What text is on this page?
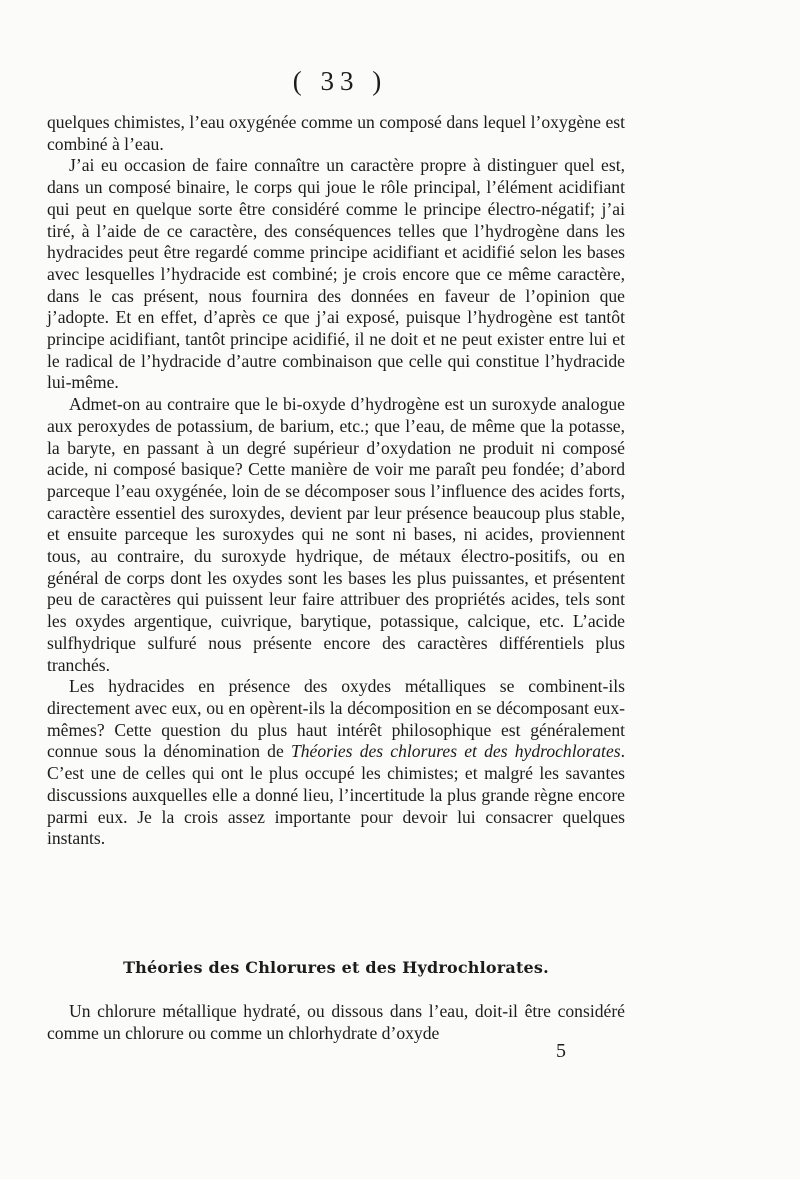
( 33 )

quelques chimistes, l’eau oxygénée comme un composé dans lequel l’oxygène est combiné à l’eau.

J’ai eu occasion de faire connaître un caractère propre à distinguer quel est, dans un composé binaire, le corps qui joue le rôle principal, l’élément acidifiant qui peut en quelque sorte être considéré comme le principe électro-négatif; j’ai tiré, à l’aide de ce caractère, des conséquences telles que l’hydrogène dans les hydracides peut être regardé comme principe acidifiant et acidifié selon les bases avec lesquelles l’hydracide est combiné; je crois encore que ce même caractère, dans le cas présent, nous fournira des données en faveur de l’opinion que j’adopte. Et en effet, d’après ce que j’ai exposé, puisque l’hydrogène est tantôt principe acidifiant, tantôt principe acidifié, il ne doit et ne peut exister entre lui et le radical de l’hydracide d’autre combinaison que celle qui constitue l’hydracide lui-même.

Admet-on au contraire que le bi-oxyde d’hydrogène est un suroxyde analogue aux peroxydes de potassium, de barium, etc.; que l’eau, de même que la potasse, la baryte, en passant à un degré supérieur d’oxydation ne produit ni composé acide, ni composé basique? Cette manière de voir me paraît peu fondée; d’abord parceque l’eau oxygénée, loin de se décomposer sous l’influence des acides forts, caractère essentiel des suroxydes, devient par leur présence beaucoup plus stable, et ensuite parceque les suroxydes qui ne sont ni bases, ni acides, proviennent tous, au contraire, du suroxyde hydrique, de métaux électro-positifs, ou en général de corps dont les oxydes sont les bases les plus puissantes, et présentent peu de caractères qui puissent leur faire attribuer des propriétés acides, tels sont les oxydes argentique, cuivrique, barytique, potassique, calcique, etc. L’acide sulfhydrique sulfuré nous présente encore des caractères différentiels plus tranchés.

Les hydracides en présence des oxydes métalliques se combinent-ils directement avec eux, ou en opèrent-ils la décomposition en se décomposant eux-mêmes? Cette question du plus haut intérêt philosophique est généralement connue sous la dénomination de Théories des chlorures et des hydrochlorates. C’est une de celles qui ont le plus occupé les chimistes; et malgré les savantes discussions auxquelles elle a donné lieu, l’incertitude la plus grande règne encore parmi eux. Je la crois assez importante pour devoir lui consacrer quelques instants.

Théories des Chlorures et des Hydrochlorates.

Un chlorure métallique hydraté, ou dissous dans l’eau, doit-il être considéré comme un chlorure ou comme un chlorhydrate d’oxyde

5
